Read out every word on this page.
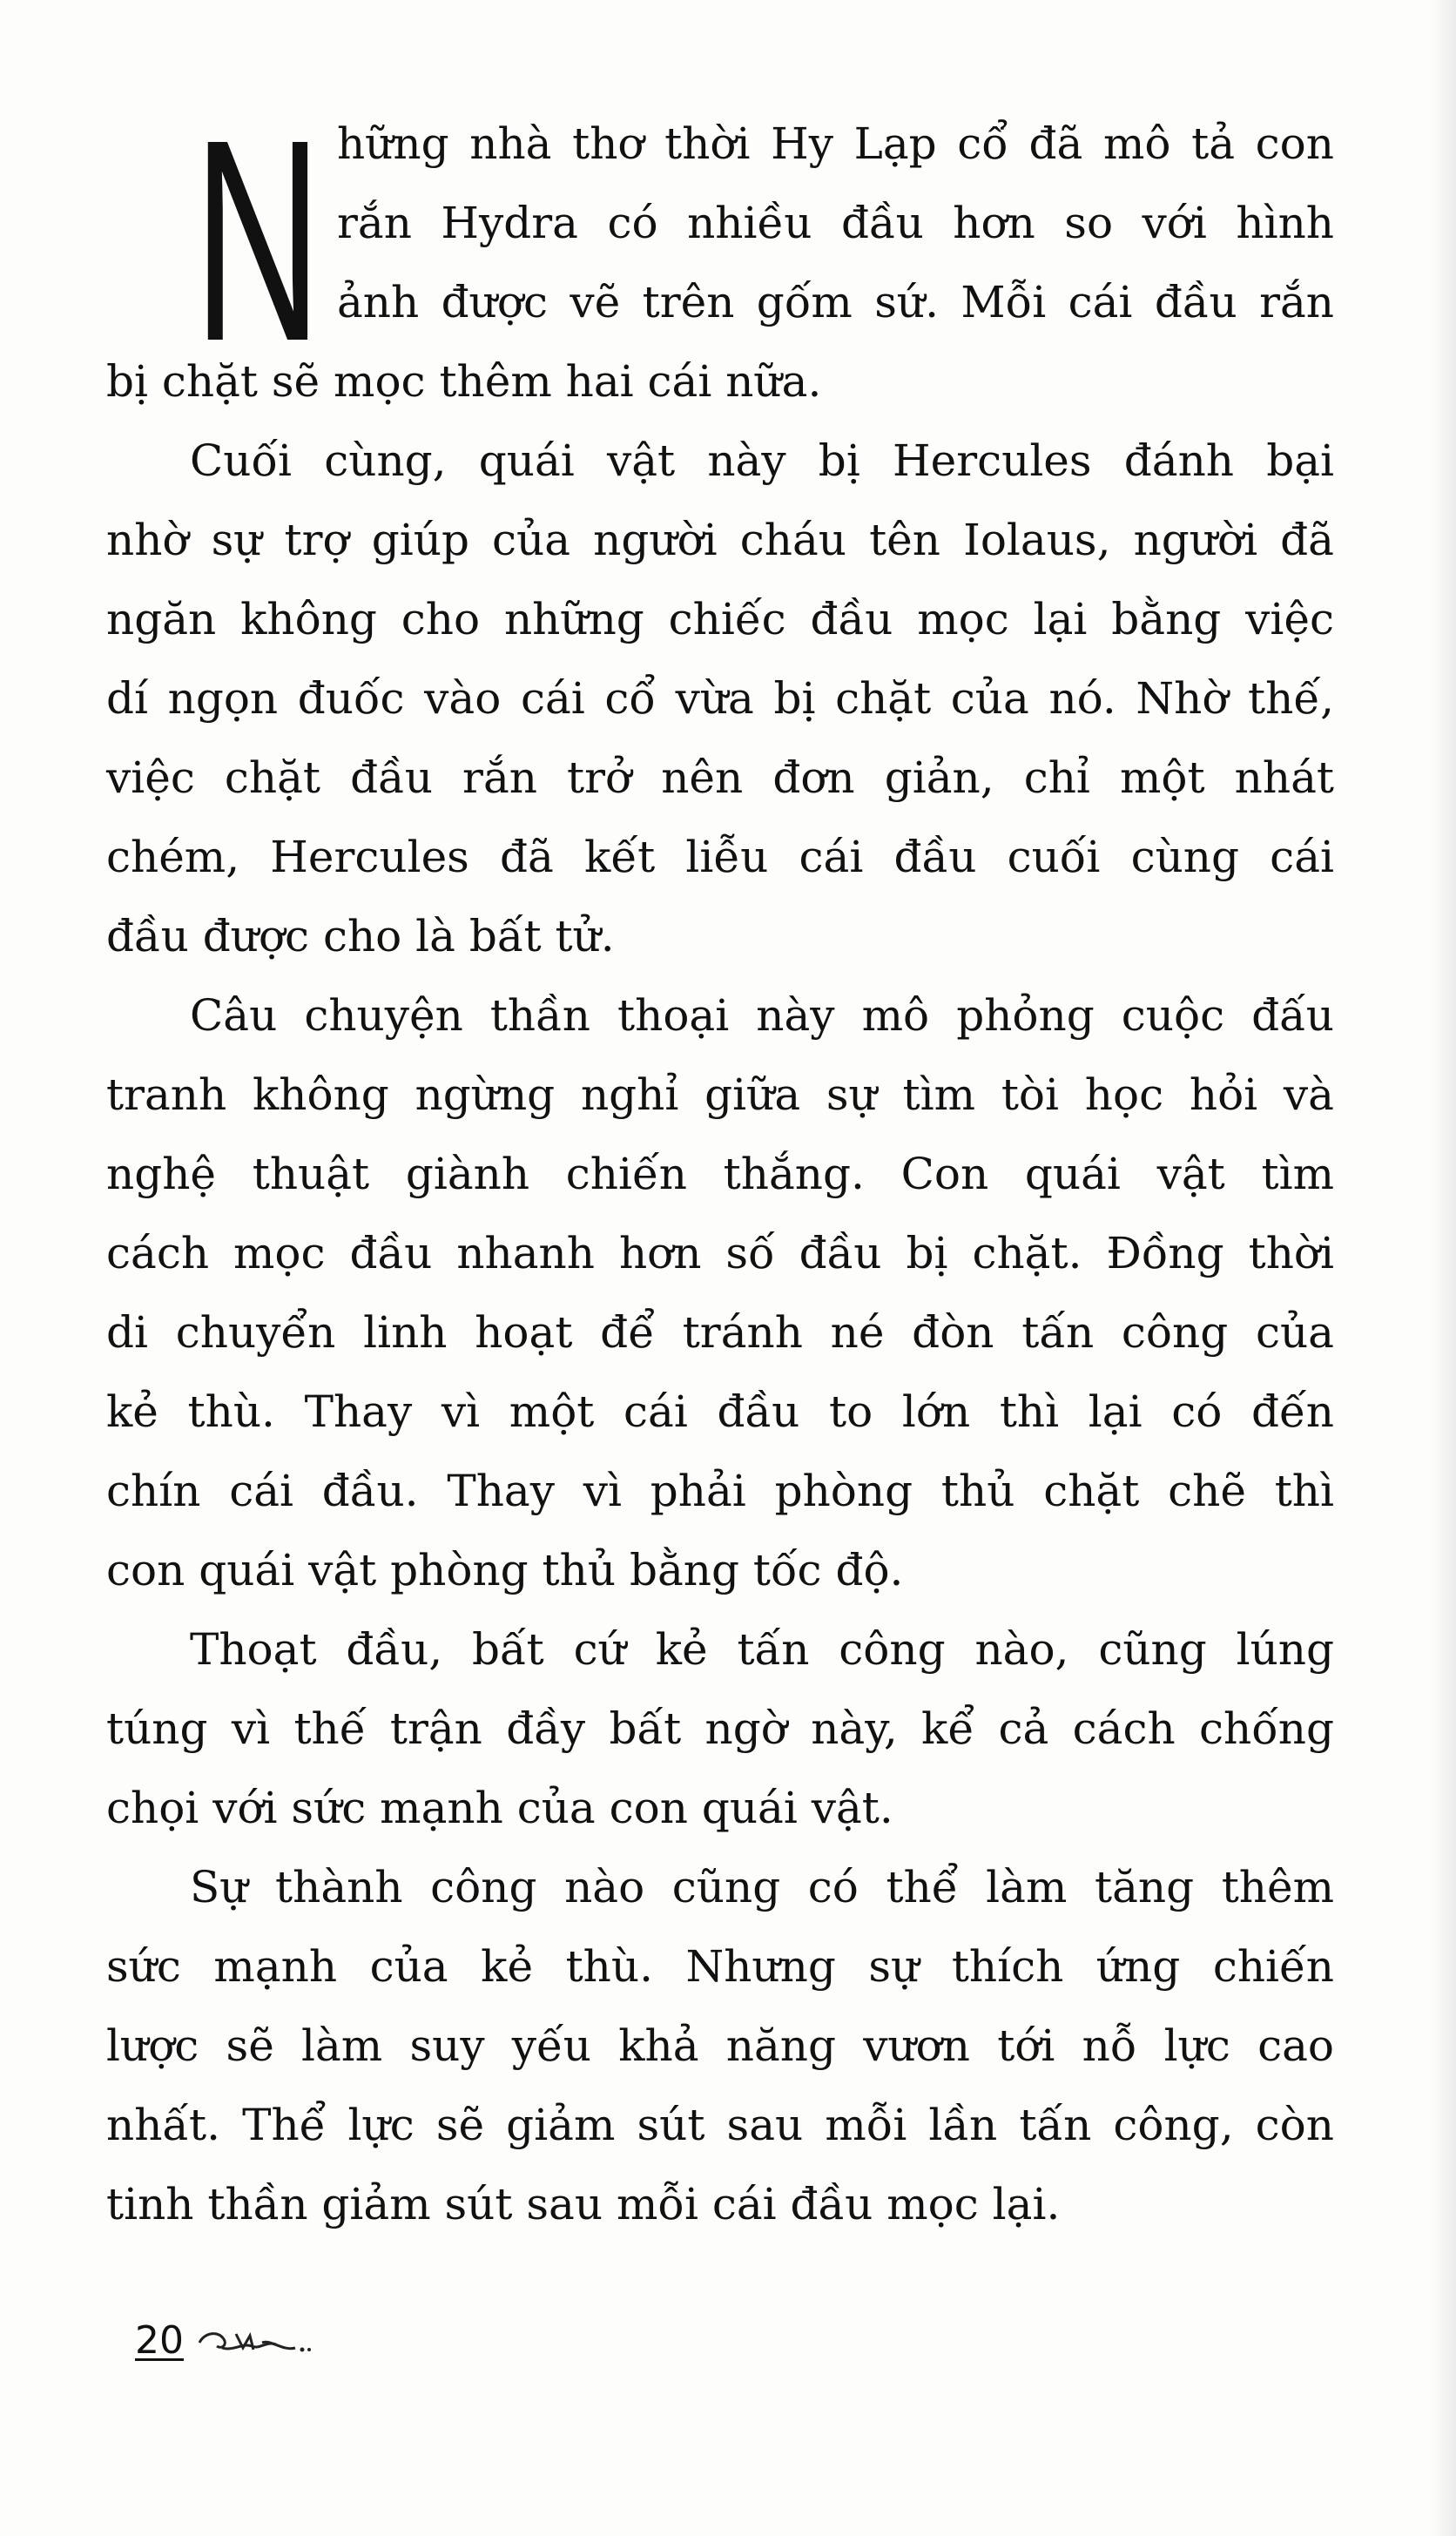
N hững nhà thơ thời Hy Lạp cổ đã mô tả con
rắn Hydra có nhiều đầu hơn so với hình
ảnh được vẽ trên gốm sứ. Mỗi cái đầu rắn
bị chặt sẽ mọc thêm hai cái nữa.
Cuối cùng, quái vật này bị Hercules đánh bại
nhờ sự trợ giúp của người cháu tên Iolaus, người đã
ngăn không cho những chiếc đầu mọc lại bằng việc
dí ngọn đuốc vào cái cổ vừa bị chặt của nó. Nhờ thế,
việc chặt đầu rắn trở nên đơn giản, chỉ một nhát
chém, Hercules đã kết liễu cái đầu cuối cùng cái
đầu được cho là bất tử.
Câu chuyện thần thoại này mô phỏng cuộc đấu
tranh không ngừng nghỉ giữa sự tìm tòi học hỏi và
nghệ thuật giành chiến thắng. Con quái vật tìm
cách mọc đầu nhanh hơn số đầu bị chặt. Đồng thời
di chuyển linh hoạt để tránh né đòn tấn công của
kẻ thù. Thay vì một cái đầu to lớn thì lại có đến
chín cái đầu. Thay vì phải phòng thủ chặt chẽ thì
con quái vật phòng thủ bằng tốc độ.
Thoạt đầu, bất cứ kẻ tấn công nào, cũng lúng
túng vì thế trận đầy bất ngờ này, kể cả cách chống
chọi với sức mạnh của con quái vật.
Sự thành công nào cũng có thể làm tăng thêm
sức mạnh của kẻ thù. Nhưng sự thích ứng chiến
lược sẽ làm suy yếu khả năng vươn tới nỗ lực cao
nhất. Thể lực sẽ giảm sút sau mỗi lần tấn công, còn
tinh thần giảm sút sau mỗi cái đầu mọc lại.
20
